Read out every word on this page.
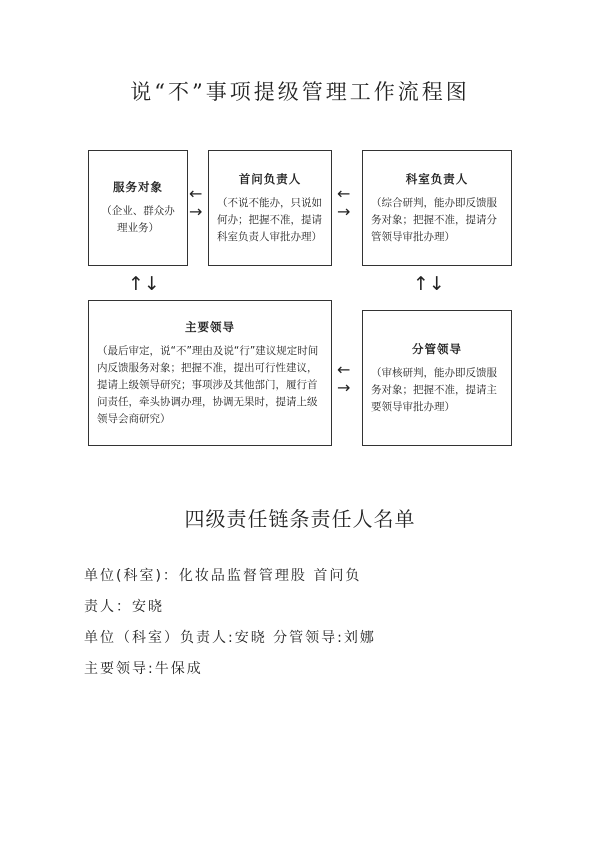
说“不”事项提级管理工作流程图
服务对象
（企业、群众办理业务）
首问负责人
（不说不能办，只说如何办；把握不准，提请科室负责人审批办理）
科室负责人
（综合研判，能办即反馈服务对象；把握不准，提请分管领导审批办理）
主要领导
（最后审定，说“不”理由及说“行”建议规定时间内反馈服务对象；把握不准，提出可行性建议，提请上级领导研究；事项涉及其他部门，履行首问责任，牵头协调办理，协调无果时，提请上级领导会商研究）
分管领导
（审核研判，能办即反馈服务对象；把握不准，提请主要领导审批办理）
←
→
←
→
↑↓	↑↓
←
→
四级责任链条责任人名单
单位(科室)：化妆品监督管理股 首问负
责人：安晓
单位（科室）负责人:安晓 分管领导:刘娜
主要领导:牛保成
